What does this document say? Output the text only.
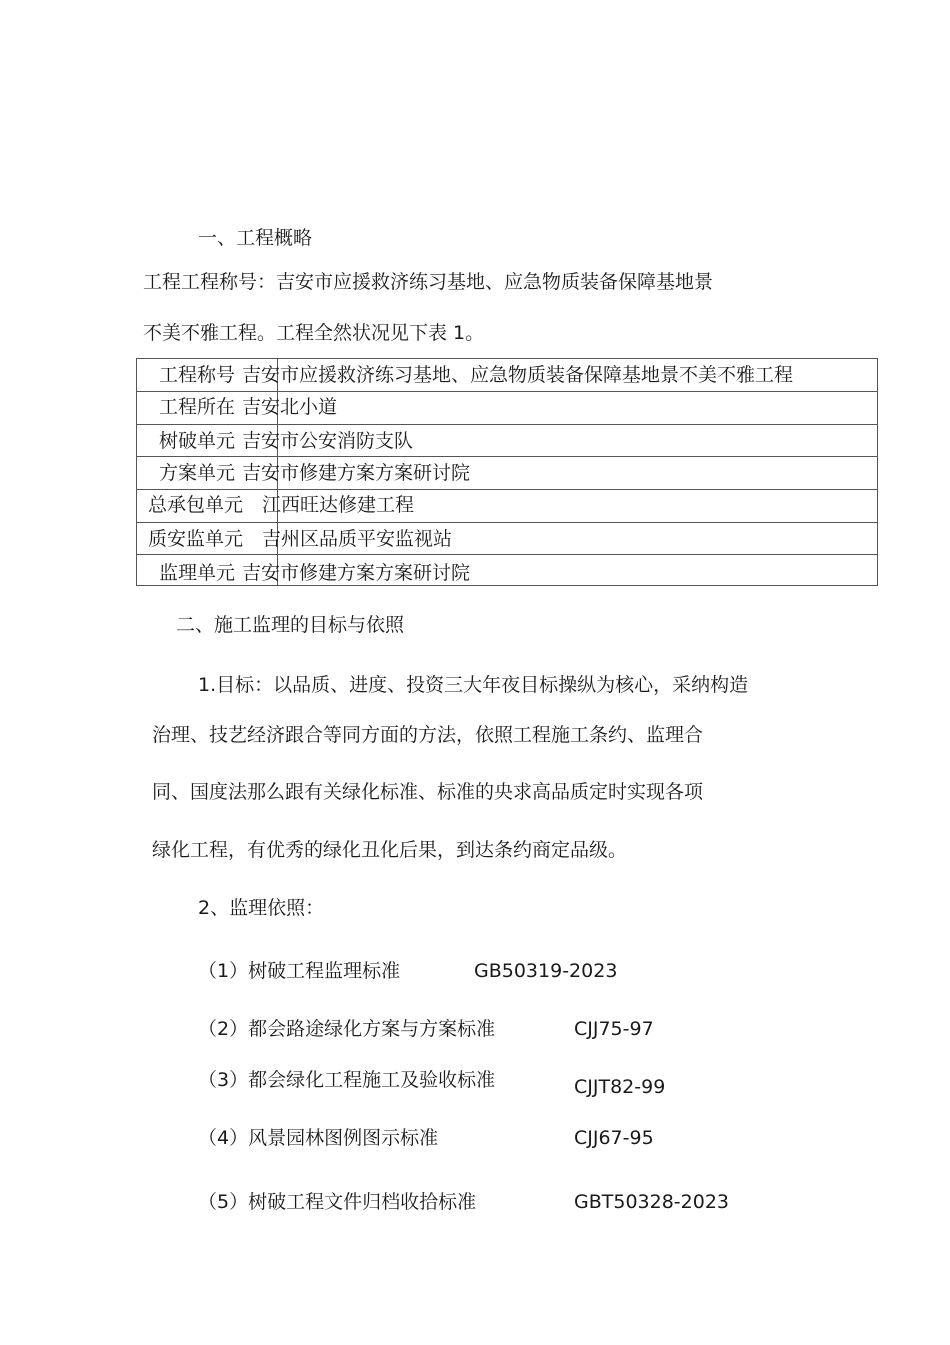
一、工程概略
工程工程称号：吉安市应援救济练习基地、应急物质装备保障基地景
不美不雅工程。工程全然状况见下表 1。
工程称号 吉安市应援救济练习基地、应急物质装备保障基地景不美不雅工程
工程所在 吉安北小道
树破单元 吉安市公安消防支队
方案单元 吉安市修建方案方案研讨院
总承包单元 江西旺达修建工程
质安监单元 吉州区品质平安监视站
监理单元 吉安市修建方案方案研讨院
二、施工监理的目标与依照
1.目标：以品质、进度、投资三大年夜目标操纵为核心，采纳构造
治理、技艺经济跟合等同方面的方法，依照工程施工条约、监理合
同、国度法那么跟有关绿化标准、标准的央求高品质定时实现各项
绿化工程，有优秀的绿化丑化后果，到达条约商定品级。
2、监理依照：
（1）树破工程监理标准	GB50319-2023
（2）都会路途绿化方案与方案标准	CJJ75-97
（3）都会绿化工程施工及验收标准	CJJT82-99
（4）风景园林图例图示标准	CJJ67-95
（5）树破工程文件归档收拾标准	GBT50328-2023
